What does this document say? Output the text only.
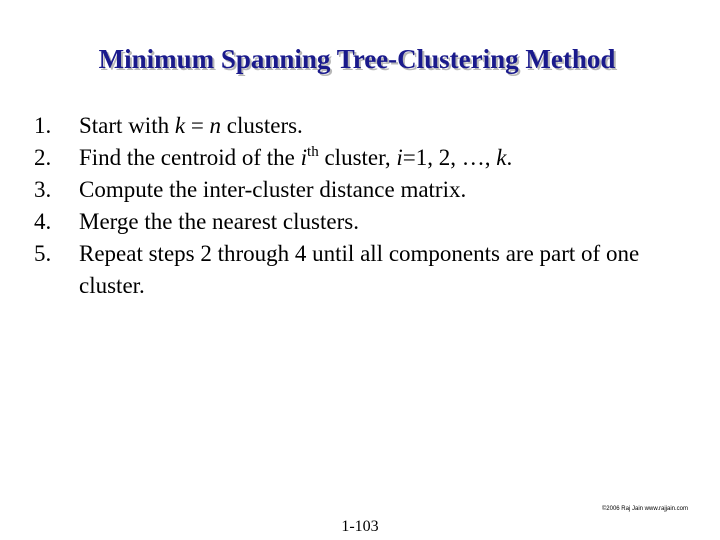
Minimum Spanning Tree-Clustering Method
1.	Start with k = n clusters.
2.	Find the centroid of the $i^{th}$ cluster, i=1, 2, …, k.
3.	Compute the inter-cluster distance matrix.
4.	Merge the the nearest clusters.
5.	Repeat steps 2 through 4 until all components are part of one cluster.
©2006 Raj Jain www.rajjain.com
1-103
